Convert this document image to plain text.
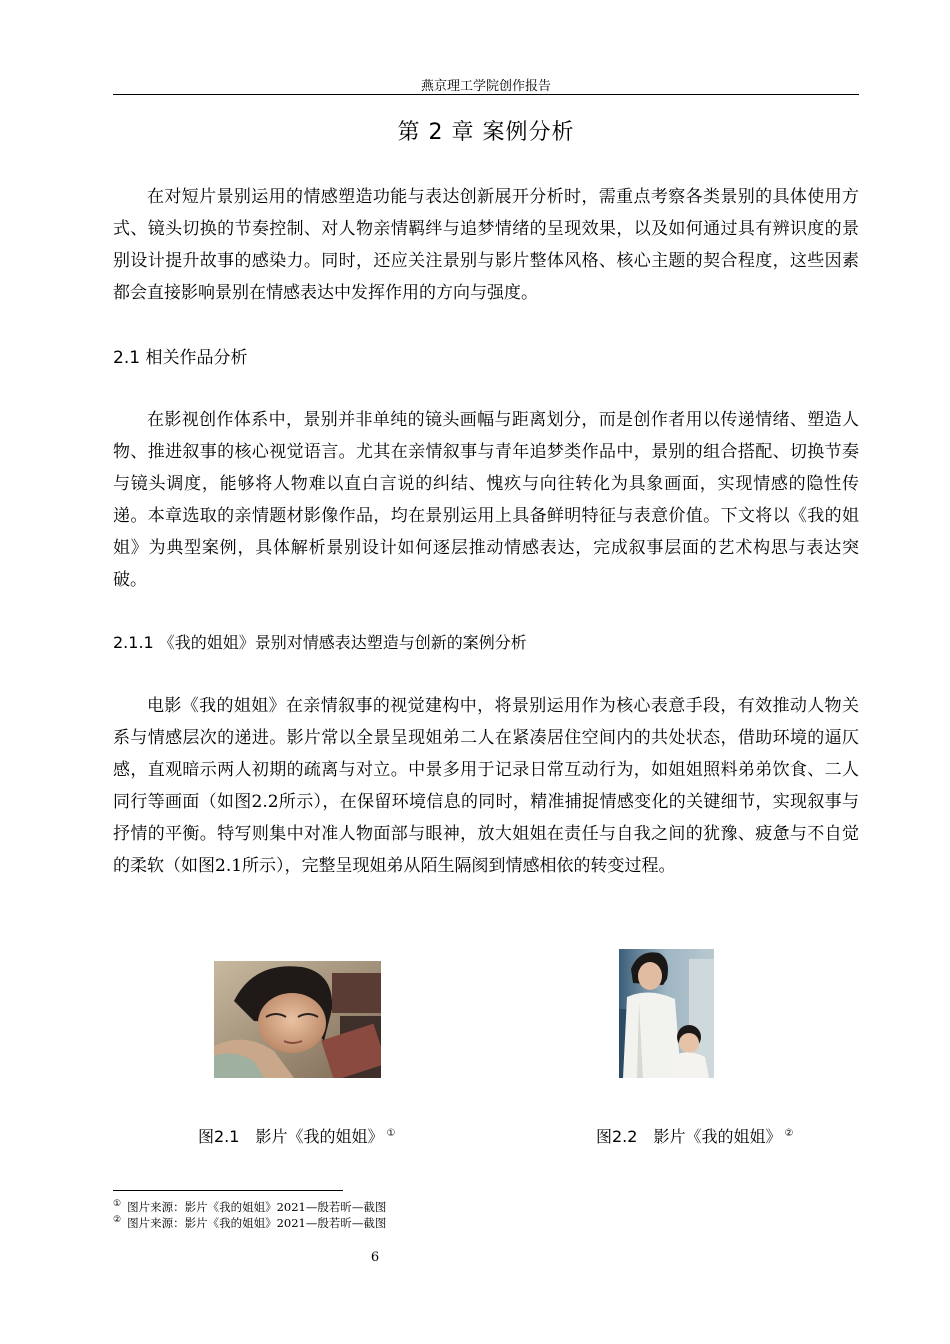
燕京理工学院创作报告
第 2 章 案例分析

在对短片景别运用的情感塑造功能与表达创新展开分析时，需重点考察各类景别的具体使用方式、镜头切换的节奏控制、对人物亲情羁绊与追梦情绪的呈现效果，以及如何通过具有辨识度的景别设计提升故事的感染力。同时，还应关注景别与影片整体风格、核心主题的契合程度，这些因素都会直接影响景别在情感表达中发挥作用的方向与强度。

2.1 相关作品分析

在影视创作体系中，景别并非单纯的镜头画幅与距离划分，而是创作者用以传递情绪、塑造人物、推进叙事的核心视觉语言。尤其在亲情叙事与青年追梦类作品中，景别的组合搭配、切换节奏与镜头调度，能够将人物难以直白言说的纠结、愧疚与向往转化为具象画面，实现情感的隐性传递。本章选取的亲情题材影像作品，均在景别运用上具备鲜明特征与表意价值。下文将以《我的姐姐》为典型案例，具体解析景别设计如何逐层推动情感表达，完成叙事层面的艺术构思与表达突破。

2.1.1 《我的姐姐》景别对情感表达塑造与创新的案例分析

电影《我的姐姐》在亲情叙事的视觉建构中，将景别运用作为核心表意手段，有效推动人物关系与情感层次的递进。影片常以全景呈现姐弟二人在紧凑居住空间内的共处状态，借助环境的逼仄感，直观暗示两人初期的疏离与对立。中景多用于记录日常互动行为，如姐姐照料弟弟饮食、二人同行等画面（如图2.2所示），在保留环境信息的同时，精准捕捉情感变化的关键细节，实现叙事与抒情的平衡。特写则集中对准人物面部与眼神，放大姐姐在责任与自我之间的犹豫、疲惫与不自觉的柔软（如图2.1所示），完整呈现姐弟从陌生隔阂到情感相依的转变过程。

图2.1　影片《我的姐姐》 ①	图2.2　影片《我的姐姐》 ②
① 图片来源：影片《我的姐姐》2021—殷若昕—截图
② 图片来源：影片《我的姐姐》2021—殷若昕—截图
6
